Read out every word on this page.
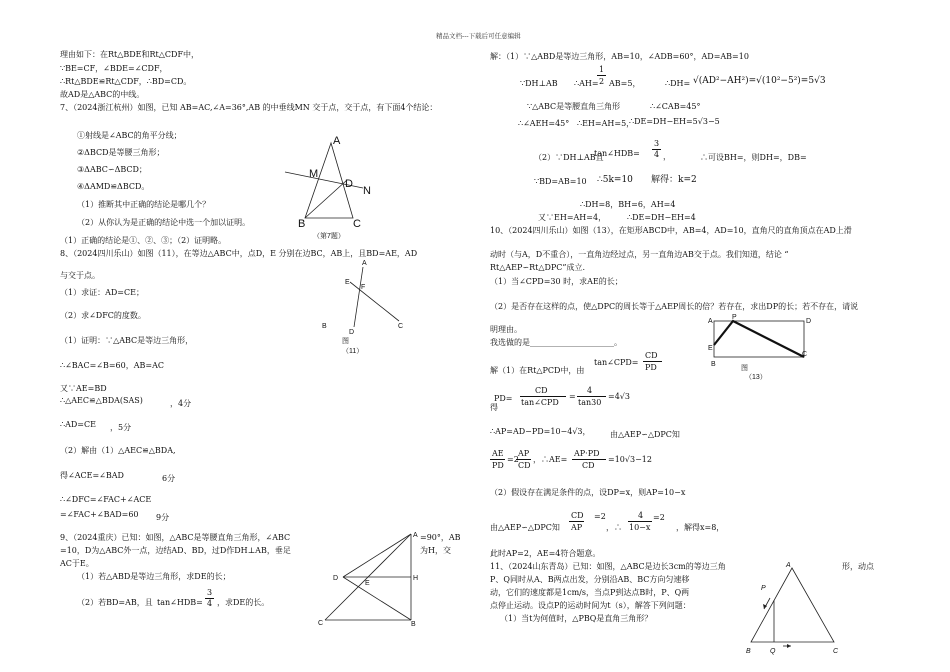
精品文档---下载后可任意编辑
理由如下：在Rt△BDE和Rt△CDF中，
∵BE=CF，∠BDE=∠CDF，
∴Rt△BDE≌Rt△CDF，∴BD=CD。
故AD是△ABC的中线。
7、（2024浙江杭州）如图，已知 AB=AC,∠A=36°,AB 的中垂线MN 交于点，交于点，有下面4个结论：
①射线是∠ABC的角平分线；
②ΔBCD是等腰三角形；
③ΔABC∽ΔBCD；
④ΔAMD≌ΔBCD。
（1）推断其中正确的结论是哪几个？
（2）从你认为是正确的结论中选一个加以证明。
（1）正确的结论是①、②、③；（2）证明略。
A
M
D
N
B	C
（第7题）
8、（2024四川乐山）如图（11），在等边△ABC中，点D，E 分别在边BC，AB上，且BD=AE，AD
与交于点。
（1）求证：AD=CE；
（2）求∠DFC的度数。
（1）证明：∵△ABC是等边三角形，
∴∠BAC=∠B=60，AB=AC
又∵AE=BD
∴△AEC≌△BDA(SAS)	，4分
∴AD=CE ，5分
（2）解由（1）△AEC≌△BDA,
得∠ACE=∠BAD	6分
∴∠DFC=∠FAC+∠ACE
=∠FAC+∠BAD=60 9分
A
E
F
B
D
C
图
（11）
9、（2024重庆）已知：如图，△ABC是等腰直角三角形，∠ABC
=10，D为△ABC外一点，边结AD、BD，过D作DH⊥AB，垂足
AC于E。
=90°，AB
为H，交
（1）若△ABD是等边三角形，求DE的长；
（2）若BD=AB，且 tan∠HDB=
3
4 ，求DE的长。
A
D
E
H
C	B
解：（1）∵△ABD是等边三角形，AB=10，∠ADB=60°，AD=AB=10
∵DH⊥AB ∴AH=
1
2 AB=5，	∴DH= √(AD²−AH²)=√(10²−5²)=5√3
∵△ABC是等腰直角三角形	∴∠CAB=45°
∴∠AEH=45° ∴EH=AH=5，
∴DE=DH−EH=5√3−5
tan∠HDB=
3
4 ，
（2）∵DH⊥AB且	∴可设BH=，则DH=，DB=
∵BD=AB=10 ∴5k=10 解得：k=2
∴DH=8，BH=6，AH=4
又∵EH=AH=4，	∴DE=DH−EH=4
10、（2024四川乐山）如图（13），在矩形ABCD中，AB=4，AD=10，直角尺的直角顶点在AD上滑
动时（与A，D不重合），一直角边经过点，另一直角边AB交于点。我们知道，结论 “
Rt△AEP∽Rt△DPC”成立.
（1）当∠CPD=30 时，求AE的长；
（2）是否存在这样的点，使△DPC的周长等于△AEP周长的倍？若存在，求出DP的长；若不存在，请说
明理由。
我选做的是_____________________。
A
P
D
E
B
C
图
（13）
解（1）在Rt△PCD中，由
tan∠CPD=
CD
PD
得
PD=
CD
tan∠CPD
=
4
tan30
=4√3
∴AP=AD−PD=10−4√3， 由△AEP∽△DPC知
AE
PD
=2
AP
CD
，∴AE=
AP·PD
CD
=10√3−12
（2）假设存在满足条件的点，设DP=x，则AP=10−x
由△AEP∽△DPC知
CD
AP
=2
，∴
4
10−x
=2
，解得x=8，
此时AP=2，AE=4符合题意。
11、（2024山东青岛）已知：如图，△ABC是边长3cm的等边三角	形，动点
P、Q同时从A、B两点出发，分别沿AB、BC方向匀速移
动，它们的速度都是1cm/s，当点P到达点B时，P、Q两
点停止运动。设点P的运动时间为t（s），解答下列问题：
（1）当t为何值时，△PBQ是直角三角形？
A
P
B	Q	C
